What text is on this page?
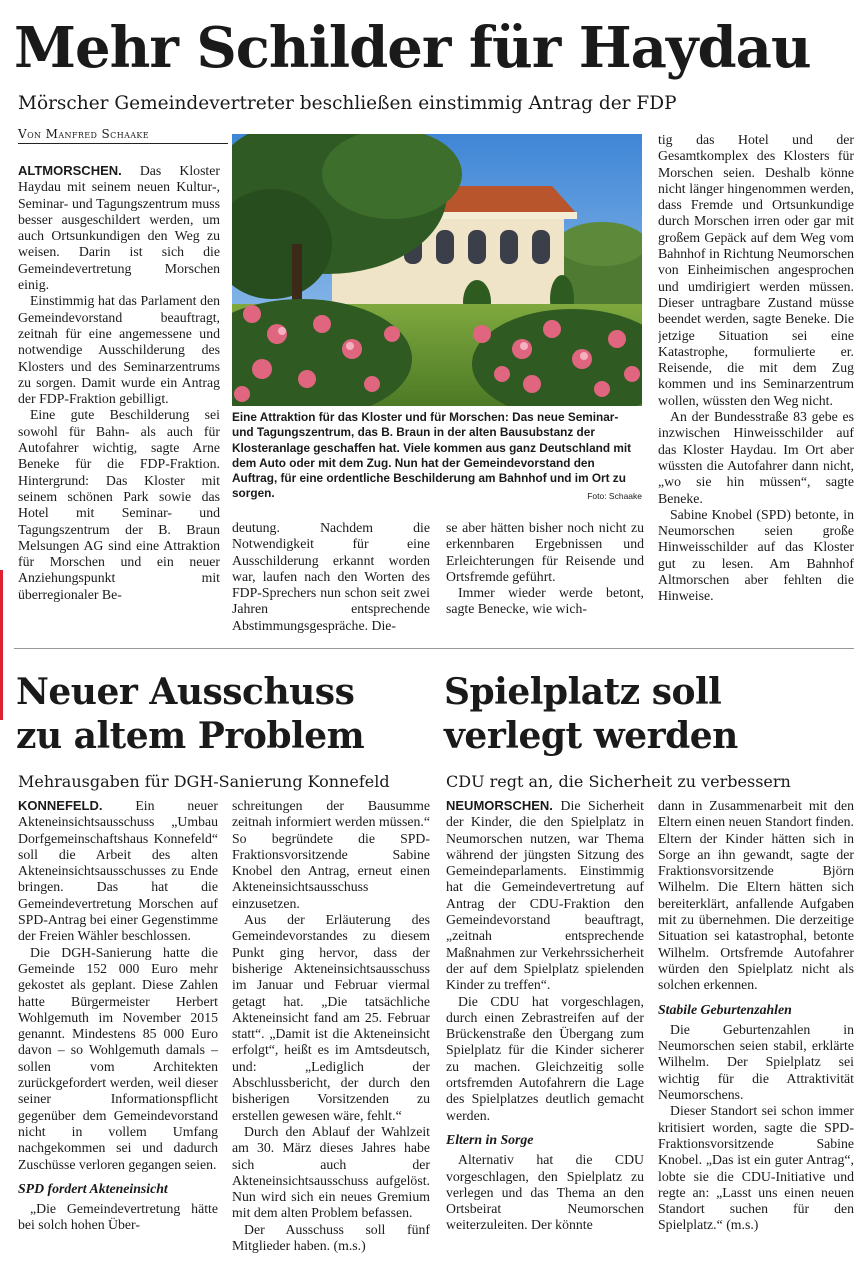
Mehr Schilder für Haydau
Mörscher Gemeindevertreter beschließen einstimmig Antrag der FDP
Von Manfred Schaake

ALTMORSCHEN. Das Kloster Haydau mit seinem neuen Kultur-, Seminar- und Tagungszentrum muss besser ausgeschildert werden, um auch Ortsunkundigen den Weg zu weisen. Darin ist sich die Gemeindevertretung Morschen einig.

Einstimmig hat das Parlament den Gemeindevorstand beauftragt, zeitnah für eine angemessene und notwendige Ausschilderung des Klosters und des Seminarzentrums zu sorgen. Damit wurde ein Antrag der FDP-Fraktion gebilligt.

Eine gute Beschilderung sei sowohl für Bahn- als auch für Autofahrer wichtig, sagte Arne Beneke für die FDP-Fraktion. Hintergrund: Das Kloster mit seinem schönen Park sowie das Hotel mit Seminar- und Tagungszentrum der B. Braun Melsungen AG sind eine Attraktion für Morschen und ein neuer Anziehungspunkt mit überregionaler Be-

Eine Attraktion für das Kloster und für Morschen: Das neue Seminar- und Tagungszentrum, das B. Braun in der alten Bausubstanz der Klosteranlage geschaffen hat. Viele kommen aus ganz Deutschland mit dem Auto oder mit dem Zug. Nun hat der Gemeindevorstand den Auftrag, für eine ordentliche Beschilderung am Bahnhof und im Ort zu sorgen.	Foto: Schaake

deutung. Nachdem die Notwendigkeit für eine Ausschilderung erkannt worden war, laufen nach den Worten des FDP-Sprechers nun schon seit zwei Jahren entsprechende Abstimmungsgespräche. Die-

se aber hätten bisher noch nicht zu erkennbaren Ergebnissen und Erleichterungen für Reisende und Ortsfremde geführt.

Immer wieder werde betont, sagte Benecke, wie wich-

tig das Hotel und der Gesamtkomplex des Klosters für Morschen seien. Deshalb könne nicht länger hingenommen werden, dass Fremde und Ortsunkundige durch Morschen irren oder gar mit großem Gepäck auf dem Weg vom Bahnhof in Richtung Neumorschen von Einheimischen angesprochen und umdirigiert werden müssen. Dieser untragbare Zustand müsse beendet werden, sagte Beneke. Die jetzige Situation sei eine Katastrophe, formulierte er. Reisende, die mit dem Zug kommen und ins Seminarzentrum wollen, wüssten den Weg nicht.

An der Bundesstraße 83 gebe es inzwischen Hinweisschilder auf das Kloster Haydau. Im Ort aber wüssten die Autofahrer dann nicht, „wo sie hin müssen“, sagte Beneke.

Sabine Knobel (SPD) betonte, in Neumorschen seien große Hinweisschilder auf das Kloster gut zu lesen. Am Bahnhof Altmorschen aber fehlten die Hinweise.

Neuer Ausschuss
zu altem Problem
Mehrausgaben für DGH-Sanierung Konnefeld

KONNEFELD. Ein neuer Akteneinsichtsausschuss „Umbau Dorfgemeinschaftshaus Konnefeld“ soll die Arbeit des alten Akteneinsichtsausschusses zu Ende bringen. Das hat die Gemeindevertretung Morschen auf SPD-Antrag bei einer Gegenstimme der Freien Wähler beschlossen.

Die DGH-Sanierung hatte die Gemeinde 152 000 Euro mehr gekostet als geplant. Diese Zahlen hatte Bürgermeister Herbert Wohlgemuth im November 2015 genannt. Mindestens 85 000 Euro davon – so Wohlgemuth damals – sollen vom Architekten zurückgefordert werden, weil dieser seiner Informationspflicht gegenüber dem Gemeindevorstand nicht in vollem Umfang nachgekommen sei und dadurch Zuschüsse verloren gegangen seien.

SPD fordert Akteneinsicht

„Die Gemeindevertretung hätte bei solch hohen Über-

schreitungen der Bausumme zeitnah informiert werden müssen.“ So begründete die SPD-Fraktionsvorsitzende Sabine Knobel den Antrag, erneut einen Akteneinsichtsausschuss einzusetzen.

Aus der Erläuterung des Gemeindevorstandes zu diesem Punkt ging hervor, dass der bisherige Akteneinsichtsausschuss im Januar und Februar viermal getagt hat. „Die tatsächliche Akteneinsicht fand am 25. Februar statt“. „Damit ist die Akteneinsicht erfolgt“, heißt es im Amtsdeutsch, und: „Lediglich der Abschlussbericht, der durch den bisherigen Vorsitzenden zu erstellen gewesen wäre, fehlt.“

Durch den Ablauf der Wahlzeit am 30. März dieses Jahres habe sich auch der Akteneinsichtsausschuss aufgelöst. Nun wird sich ein neues Gremium mit dem alten Problem befassen.

Der Ausschuss soll fünf Mitglieder haben. (m.s.)

Spielplatz soll
verlegt werden
CDU regt an, die Sicherheit zu verbessern

NEUMORSCHEN. Die Sicherheit der Kinder, die den Spielplatz in Neumorschen nutzen, war Thema während der jüngsten Sitzung des Gemeindeparlaments. Einstimmig hat die Gemeindevertretung auf Antrag der CDU-Fraktion den Gemeindevorstand beauftragt, „zeitnah entsprechende Maßnahmen zur Verkehrssicherheit der auf dem Spielplatz spielenden Kinder zu treffen“.

Die CDU hat vorgeschlagen, durch einen Zebrastreifen auf der Brückenstraße den Übergang zum Spielplatz für die Kinder sicherer zu machen. Gleichzeitig solle ortsfremden Autofahrern die Lage des Spielplatzes deutlich gemacht werden.

Eltern in Sorge

Alternativ hat die CDU vorgeschlagen, den Spielplatz zu verlegen und das Thema an den Ortsbeirat Neumorschen weiterzuleiten. Der könnte

dann in Zusammenarbeit mit den Eltern einen neuen Standort finden. Eltern der Kinder hätten sich in Sorge an ihn gewandt, sagte der Fraktionsvorsitzende Björn Wilhelm. Die Eltern hätten sich bereiterklärt, anfallende Aufgaben mit zu übernehmen. Die derzeitige Situation sei katastrophal, betonte Wilhelm. Ortsfremde Autofahrer würden den Spielplatz nicht als solchen erkennen.

Stabile Geburtenzahlen

Die Geburtenzahlen in Neumorschen seien stabil, erklärte Wilhelm. Der Spielplatz sei wichtig für die Attraktivität Neumorschens.

Dieser Standort sei schon immer kritisiert worden, sagte die SPD-Fraktionsvorsitzende Sabine Knobel. „Das ist ein guter Antrag“, lobte sie die CDU-Initiative und regte an: „Lasst uns einen neuen Standort suchen für den Spielplatz.“ (m.s.)
